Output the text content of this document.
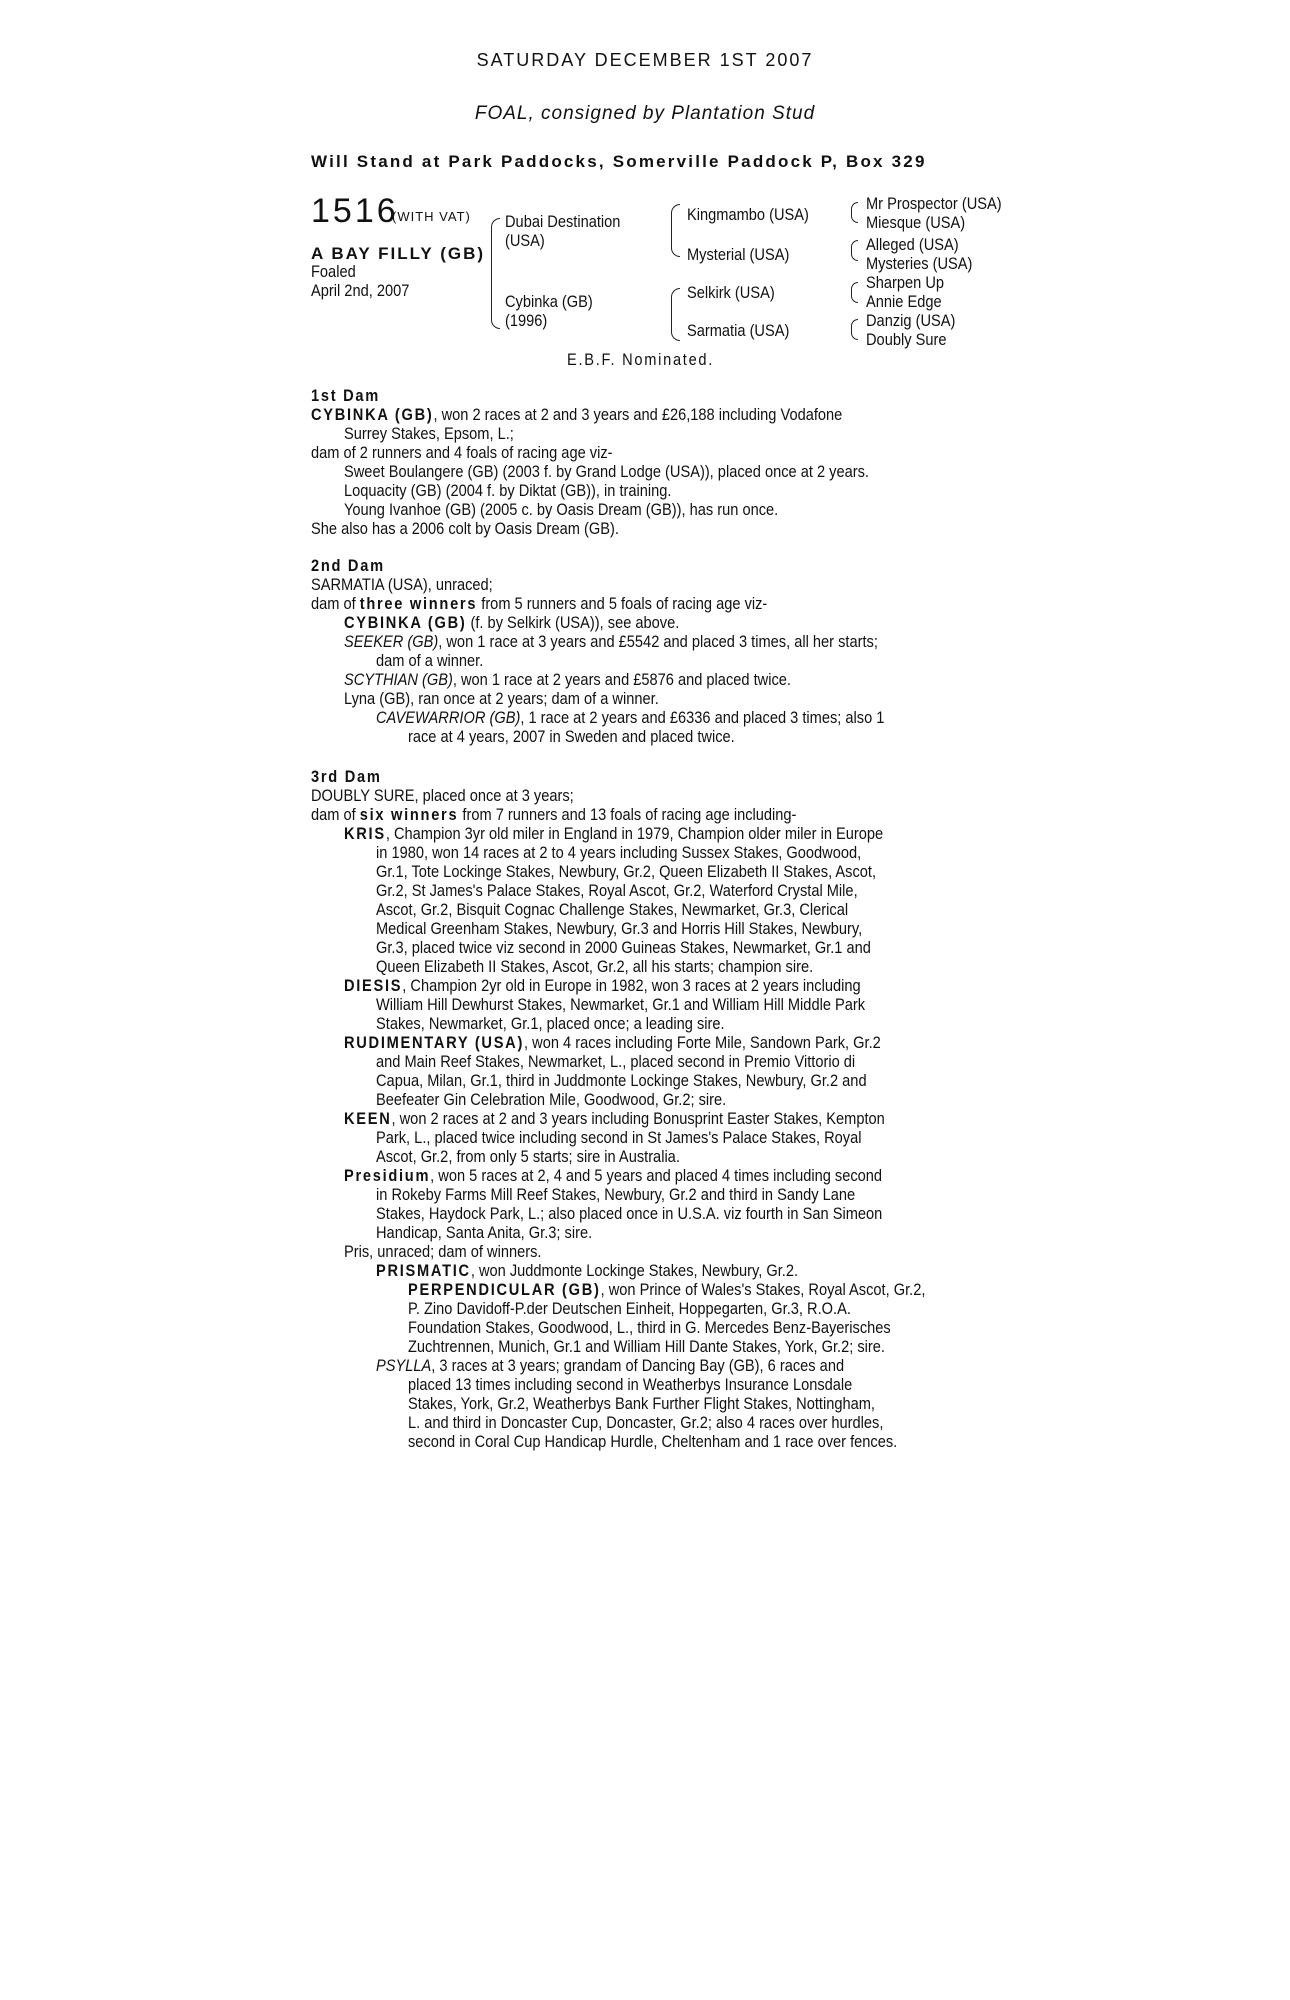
SATURDAY DECEMBER 1ST 2007
FOAL, consigned by Plantation Stud
Will Stand at Park Paddocks, Somerville Paddock P, Box 329
1516
(WITH VAT)
A BAY FILLY (GB)
Foaled
April 2nd, 2007
Dubai Destination
(USA)
Cybinka (GB)
(1996)
Kingmambo (USA)
Mysterial (USA)
Selkirk (USA)
Sarmatia (USA)
Mr Prospector (USA)
Miesque (USA)
Alleged (USA)
Mysteries (USA)
Sharpen Up
Annie Edge
Danzig (USA)
Doubly Sure
E.B.F. Nominated.
1st Dam
CYBINKA (GB), won 2 races at 2 and 3 years and £26,188 including Vodafone
Surrey Stakes, Epsom, L.;
dam of 2 runners and 4 foals of racing age viz-
Sweet Boulangere (GB) (2003 f. by Grand Lodge (USA)), placed once at 2 years.
Loquacity (GB) (2004 f. by Diktat (GB)), in training.
Young Ivanhoe (GB) (2005 c. by Oasis Dream (GB)), has run once.
She also has a 2006 colt by Oasis Dream (GB).
2nd Dam
SARMATIA (USA), unraced;
dam of three winners from 5 runners and 5 foals of racing age viz-
CYBINKA (GB) (f. by Selkirk (USA)), see above.
SEEKER (GB), won 1 race at 3 years and £5542 and placed 3 times, all her starts;
dam of a winner.
SCYTHIAN (GB), won 1 race at 2 years and £5876 and placed twice.
Lyna (GB), ran once at 2 years; dam of a winner.
CAVEWARRIOR (GB), 1 race at 2 years and £6336 and placed 3 times; also 1
race at 4 years, 2007 in Sweden and placed twice.
3rd Dam
DOUBLY SURE, placed once at 3 years;
dam of six winners from 7 runners and 13 foals of racing age including-
KRIS, Champion 3yr old miler in England in 1979, Champion older miler in Europe
in 1980, won 14 races at 2 to 4 years including Sussex Stakes, Goodwood,
Gr.1, Tote Lockinge Stakes, Newbury, Gr.2, Queen Elizabeth II Stakes, Ascot,
Gr.2, St James's Palace Stakes, Royal Ascot, Gr.2, Waterford Crystal Mile,
Ascot, Gr.2, Bisquit Cognac Challenge Stakes, Newmarket, Gr.3, Clerical
Medical Greenham Stakes, Newbury, Gr.3 and Horris Hill Stakes, Newbury,
Gr.3, placed twice viz second in 2000 Guineas Stakes, Newmarket, Gr.1 and
Queen Elizabeth II Stakes, Ascot, Gr.2, all his starts; champion sire.
DIESIS, Champion 2yr old in Europe in 1982, won 3 races at 2 years including
William Hill Dewhurst Stakes, Newmarket, Gr.1 and William Hill Middle Park
Stakes, Newmarket, Gr.1, placed once; a leading sire.
RUDIMENTARY (USA), won 4 races including Forte Mile, Sandown Park, Gr.2
and Main Reef Stakes, Newmarket, L., placed second in Premio Vittorio di
Capua, Milan, Gr.1, third in Juddmonte Lockinge Stakes, Newbury, Gr.2 and
Beefeater Gin Celebration Mile, Goodwood, Gr.2; sire.
KEEN, won 2 races at 2 and 3 years including Bonusprint Easter Stakes, Kempton
Park, L., placed twice including second in St James's Palace Stakes, Royal
Ascot, Gr.2, from only 5 starts; sire in Australia.
Presidium, won 5 races at 2, 4 and 5 years and placed 4 times including second
in Rokeby Farms Mill Reef Stakes, Newbury, Gr.2 and third in Sandy Lane
Stakes, Haydock Park, L.; also placed once in U.S.A. viz fourth in San Simeon
Handicap, Santa Anita, Gr.3; sire.
Pris, unraced; dam of winners.
PRISMATIC, won Juddmonte Lockinge Stakes, Newbury, Gr.2.
PERPENDICULAR (GB), won Prince of Wales's Stakes, Royal Ascot, Gr.2,
P. Zino Davidoff-P.der Deutschen Einheit, Hoppegarten, Gr.3, R.O.A.
Foundation Stakes, Goodwood, L., third in G. Mercedes Benz-Bayerisches
Zuchtrennen, Munich, Gr.1 and William Hill Dante Stakes, York, Gr.2; sire.
PSYLLA, 3 races at 3 years; grandam of Dancing Bay (GB), 6 races and
placed 13 times including second in Weatherbys Insurance Lonsdale
Stakes, York, Gr.2, Weatherbys Bank Further Flight Stakes, Nottingham,
L. and third in Doncaster Cup, Doncaster, Gr.2; also 4 races over hurdles,
second in Coral Cup Handicap Hurdle, Cheltenham and 1 race over fences.
